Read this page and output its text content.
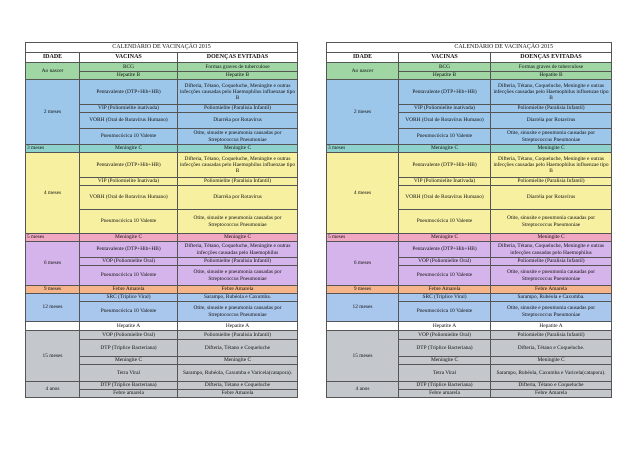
CALENDÁRIO DE VACINAÇÃO 2015		
IDADE	VACINAS	DOENÇAS EVITADAS
Ao nascer	BCG	Formas graves de tuberculose
	Hepatite B	Hepatite B
2 meses	Pentavalente (DTP+Hib+HB)	Difteria, Tétano, Coqueluche, Meningite e outras infecções causadas pelo Haemophilus influenzae tipo B
	VIP (Poliomielite inativada)	Poliomielite (Paralisia Infantil)
	VORH (Oral de Rotavírus Humano)	Diarréia por Rotavírus
	Pneumocócica 10 Valente	Otite, sinusite e pneumonia causadas por Streptococcus Pneumoniae
3 meses	Meningite C	Meningite C
4 meses	Pentavalente (DTP+Hib+HB)	Difteria, Tétano, Coqueluche, Meningite e outras infecções causadas pelo Haemophilus influenzae tipo B
	VIP (Poliomielite Inativada)	Poliomielite (Paralisia Infantil)
	VORH (Oral de Rotavírus Humano)	Diarréia por Rotavírus
	Pneumocócica 10 Valente	Otite, sinusite e pneumonia causadas por Streptococcus Pneumoniae
5 meses	Meningite C	Meningite C
6 meses	Pentavalente (DTP+Hib+HB)	Difteria, Tétano, Coqueluche, Meningite e outras infecções causadas pelo Haemophilus
	VOP (Poliomielite Oral)	Poliomielite (Paralisia Infantil)
	Pneumocócica 10 Valente	Otite, sinusite e pneumonia causadas por Streptococcus Pneumoniae
9 meses	Febre Amarela	Febre Amarela
12 meses	SRC (Tríplice Viral)	Sarampo, Rubéola e Caxumba.
	Pneumocócica 10 Valente	Otite, sinusite e pneumonia causadas por Streptococcus Pneumoniae
	Hepatite A	Hepatite A
15 meses	VOP (Poliomielite Oral)	Poliomielite (Paralisia Infantil)
	DTP (Tríplice Bacteriana)	Difteria, Tétano e Coqueluche
	Meningite C	Meningite C
	Tetra Viral	Sarampo, Rubéola, Caxumba e Varicela(catapora).
4 anos	DTP (Tríplice Bacteriana)	Difteria, Tétano e Coqueluche
	Febre amarela	Febre Amarela
CALENDÁRIO DE VACINAÇÃO 2015		
IDADE	VACINAS	DOENÇAS EVITADAS
Ao nascer	BCG	Formas graves de tuberculose
	Hepatite B	Hepatite B
2 meses	Pentavalente (DTP+Hib+HB)	Difteria, Tétano, Coqueluche, Meningite e outras infecções causadas pelo Haemophilus influenzae tipo B
	VIP (Poliomielite inativada)	Poliomielite (Paralisia Infantil)
	VORH (Oral de Rotavírus Humano)	Diarréia por Rotavírus
	Pneumocócica 10 Valente	Otite, sinusite e pneumonia causadas por Streptococcus Pneumoniae
3 meses	Meningite C	Meningite C
4 meses	Pentavalente (DTP+Hib+HB)	Difteria, Tétano, Coqueluche, Meningite e outras infecções causadas pelo Haemophilus influenzae tipo B
	VIP (Poliomielite Inativada)	Poliomielite (Paralisia Infantil)
	VORH (Oral de Rotavírus Humano)	Diarréia por Rotavírus
	Pneumocócica 10 Valente	Otite, sinusite e pneumonia causadas por Streptococcus Pneumoniae
5 meses	Meningite C	Meningite C
6 meses	Pentavalente (DTP+Hib+HB)	Difteria, Tétano, Coqueluche, Meningite e outras infecções causadas pelo Haemophilus
	VOP (Poliomielite Oral)	Poliomielite (Paralisia Infantil)
	Pneumocócica 10 Valente	Otite, sinusite e pneumonia causadas por Streptococcus Pneumoniae
9 meses	Febre Amarela	Febre Amarela
12 meses	SRC (Tríplice Viral)	Sarampo, Rubéola e Caxumba.
	Pneumocócica 10 Valente	Otite, sinusite e pneumonia causadas por Streptococcus Pneumoniae
	Hepatite A	Hepatite A
15 meses	VOP (Poliomielite Oral)	Poliomielite (Paralisia Infantil)
	DTP (Tríplice Bacteriana)	Difteria, Tétano e Coqueluche.
	Meningite C	Meningite C
	Tetra Viral	Sarampo, Rubéola, Caxumba e Varicela(catapora).
4 anos	DTP (Tríplice Bacteriana)	Difteria, Tétano e Coqueluche
	Febre amarela	Febre Amarela
